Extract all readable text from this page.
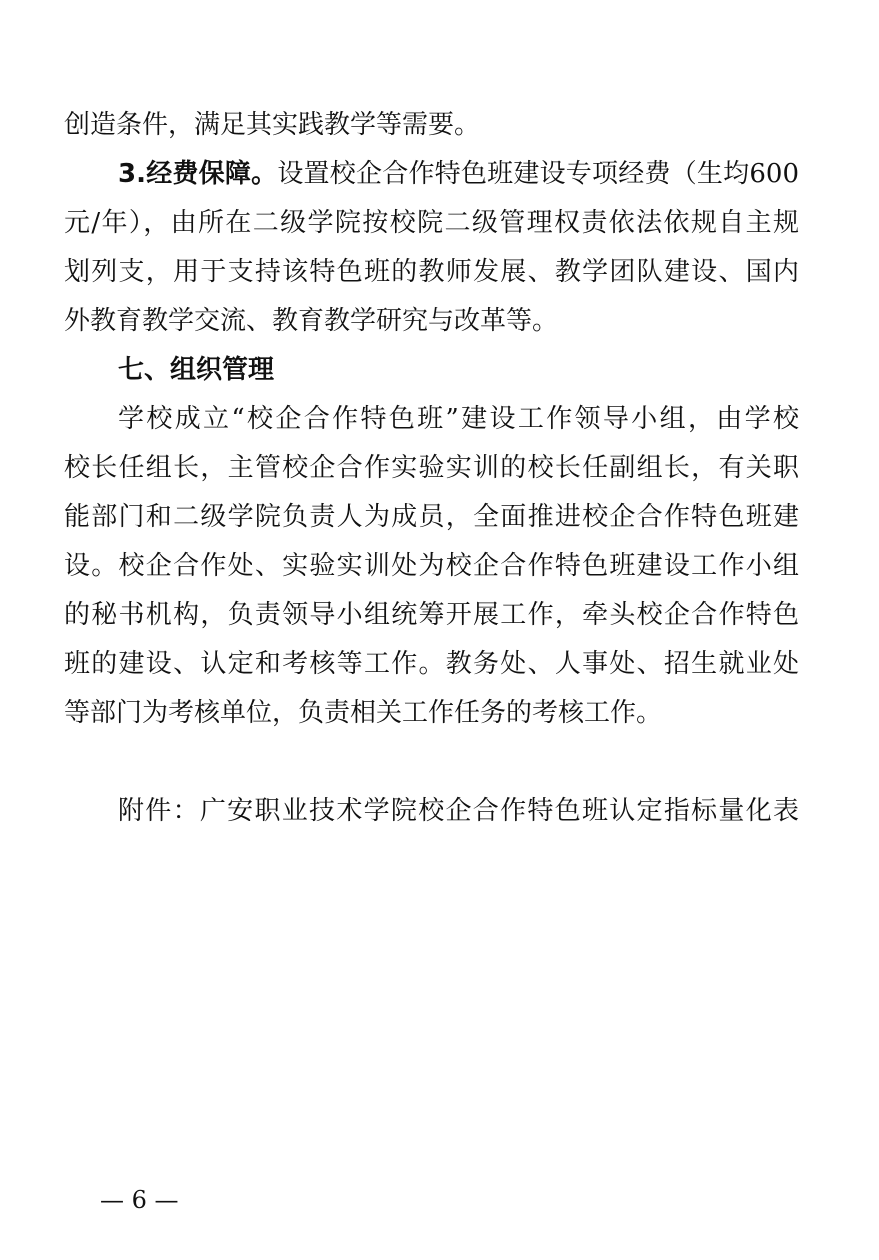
创造条件，满足其实践教学等需要。
3.经费保障。设置校企合作特色班建设专项经费（生均600
元/年），由所在二级学院按校院二级管理权责依法依规自主规
划列支，用于支持该特色班的教师发展、教学团队建设、国内
外教育教学交流、教育教学研究与改革等。
七、组织管理
学校成立“校企合作特色班”建设工作领导小组，由学校
校长任组长，主管校企合作实验实训的校长任副组长，有关职
能部门和二级学院负责人为成员，全面推进校企合作特色班建
设。校企合作处、实验实训处为校企合作特色班建设工作小组
的秘书机构，负责领导小组统筹开展工作，牵头校企合作特色
班的建设、认定和考核等工作。教务处、人事处、招生就业处
等部门为考核单位，负责相关工作任务的考核工作。
附件：广安职业技术学院校企合作特色班认定指标量化表
— 6 —
